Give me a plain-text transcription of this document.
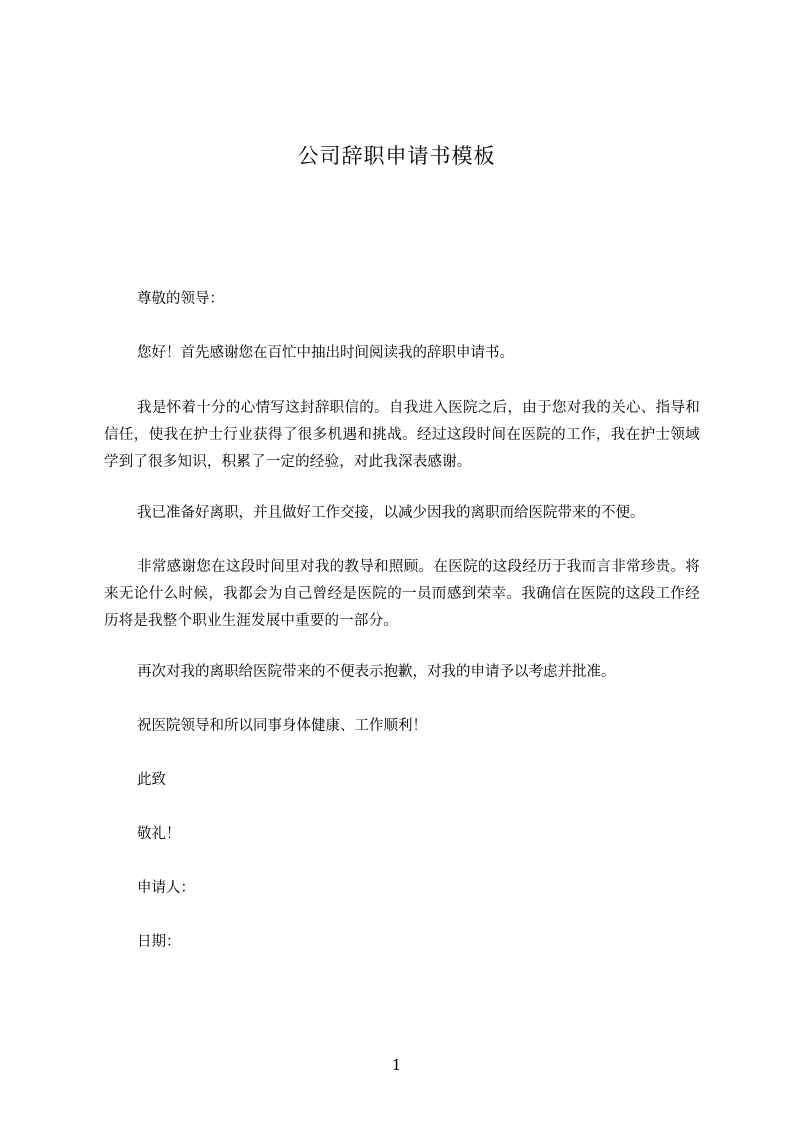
公司辞职申请书模板
尊敬的领导：
您好！首先感谢您在百忙中抽出时间阅读我的辞职申请书。
我是怀着十分的心情写这封辞职信的。自我进入医院之后，由于您对我的关心、指导和信任，使我在护士行业获得了很多机遇和挑战。经过这段时间在医院的工作，我在护士领域学到了很多知识，积累了一定的经验，对此我深表感谢。
我已准备好离职，并且做好工作交接，以减少因我的离职而给医院带来的不便。
非常感谢您在这段时间里对我的教导和照顾。在医院的这段经历于我而言非常珍贵。将来无论什么时候，我都会为自己曾经是医院的一员而感到荣幸。我确信在医院的这段工作经历将是我整个职业生涯发展中重要的一部分。
再次对我的离职给医院带来的不便表示抱歉，对我的申请予以考虑并批准。
祝医院领导和所以同事身体健康、工作顺利！
此致
敬礼！
申请人：
日期：
1
